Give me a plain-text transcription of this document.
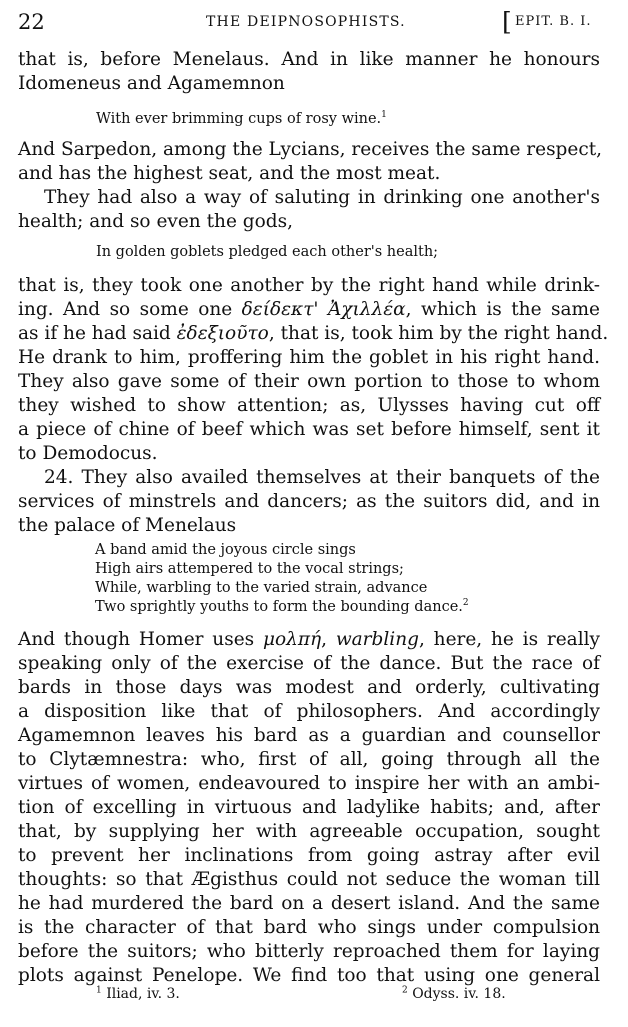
22	THE DEIPNOSOPHISTS.	[ EPIT. B. I.
that is, before Menelaus. And in like manner he honours
Idomeneus and Agamemnon
With ever brimming cups of rosy wine.$^1$
And Sarpedon, among the Lycians, receives the same respect,
and has the highest seat, and the most meat.
They had also a way of saluting in drinking one another's
health; and so even the gods,
In golden goblets pledged each other's health;
that is, they took one another by the right hand while drink-
ing. And so some one δείδεκτ' Ἀχιλλέα, which is the same
as if he had said ἐδεξιοῦτο, that is, took him by the right hand.
He drank to him, proffering him the goblet in his right hand.
They also gave some of their own portion to those to whom
they wished to show attention; as, Ulysses having cut off
a piece of chine of beef which was set before himself, sent it
to Demodocus.
24. They also availed themselves at their banquets of the
services of minstrels and dancers; as the suitors did, and in
the palace of Menelaus
A band amid the joyous circle sings
High airs attempered to the vocal strings;
While, warbling to the varied strain, advance
Two sprightly youths to form the bounding dance.$^2$
And though Homer uses μολπή, warbling, here, he is really
speaking only of the exercise of the dance. But the race of
bards in those days was modest and orderly, cultivating
a disposition like that of philosophers. And accordingly
Agamemnon leaves his bard as a guardian and counsellor
to Clytæmnestra: who, first of all, going through all the
virtues of women, endeavoured to inspire her with an ambi-
tion of excelling in virtuous and ladylike habits; and, after
that, by supplying her with agreeable occupation, sought
to prevent her inclinations from going astray after evil
thoughts: so that Ægisthus could not seduce the woman till
he had murdered the bard on a desert island. And the same
is the character of that bard who sings under compulsion
before the suitors; who bitterly reproached them for laying
plots against Penelope. We find too that using one general
$^1$ Iliad, iv. 3.	$^2$ Odyss. iv. 18.
